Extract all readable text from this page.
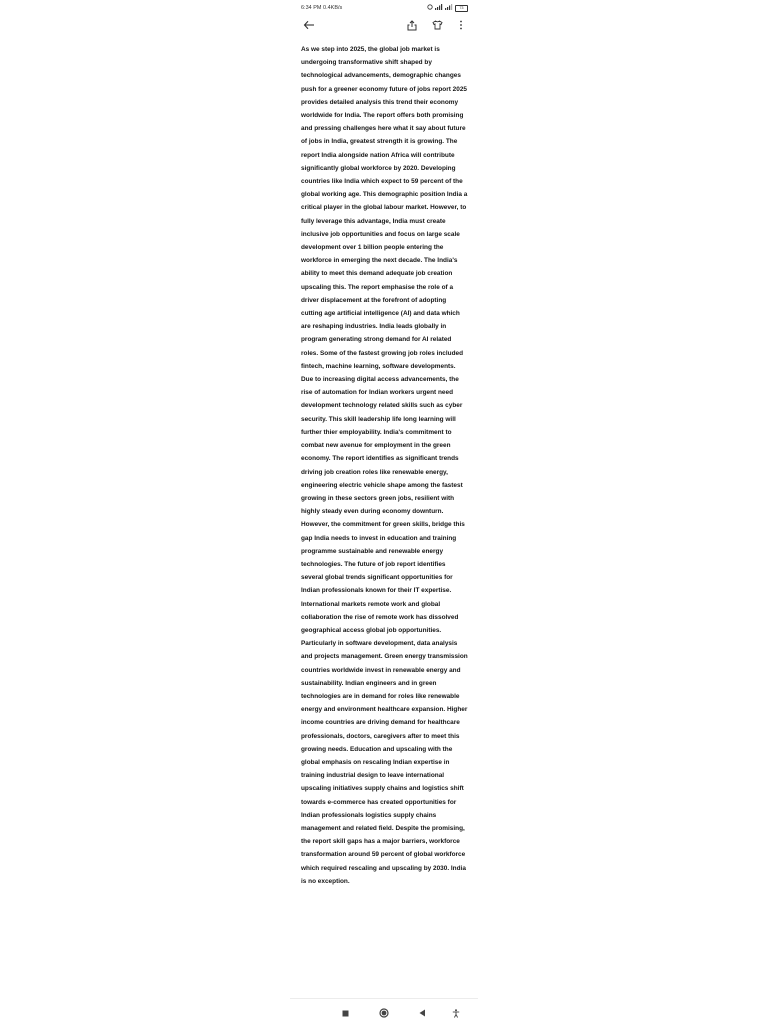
6:34 PM 0.4KB/s	73

As we step into 2025, the global job market is undergoing transformative shift shaped by technological advancements, demographic changes push for a greener economy future of jobs report 2025 provides detailed analysis this trend their economy worldwide for India. The report offers both promising and pressing challenges here what it say about future of jobs in India, greatest strength it is growing. The report India alongside nation Africa will contribute significantly global workforce by 2020. Developing countries like India which expect to 59 percent of the global working age. This demographic position India a critical player in the global labour market. However, to fully leverage this advantage, India must create inclusive job opportunities and focus on large scale development over 1 billion people entering the workforce in emerging the next decade. The India's ability to meet this demand adequate job creation upscaling this. The report emphasise the role of a driver displacement at the forefront of adopting cutting age artificial intelligence (AI) and data which are reshaping industries. India leads globally in program generating strong demand for AI related roles. Some of the fastest growing job roles included fintech, machine learning, software developments. Due to increasing digital access advancements, the rise of automation for Indian workers urgent need development technology related skills such as cyber security. This skill leadership life long learning will further thier employability. India's commitment to combat new avenue for employment in the green economy. The report identifies as significant trends driving job creation roles like renewable energy, engineering electric vehicle shape among the fastest growing in these sectors green jobs, resilient with highly steady even during economy downturn. However, the commitment for green skills, bridge this gap India needs to invest in education and training programme sustainable and renewable energy technologies. The future of job report identifies several global trends significant opportunities for Indian professionals known for their IT expertise. International markets remote work and global collaboration the rise of remote work has dissolved geographical access global job opportunities. Particularly in software development, data analysis and projects management. Green energy transmission countries worldwide invest in renewable energy and sustainability. Indian engineers and in green technologies are in demand for roles like renewable energy and environment healthcare expansion. Higher income countries are driving demand for healthcare professionals, doctors, caregivers after to meet this growing needs. Education and upscaling with the global emphasis on rescaling Indian expertise in training industrial design to leave international upscaling initiatives supply chains and logistics shift towards e-commerce has created opportunities for Indian professionals logistics supply chains management and related field. Despite the promising, the report skill gaps has a major barriers, workforce transformation around 59 percent of global workforce which required rescaling and upscaling by 2030. India is no exception.
